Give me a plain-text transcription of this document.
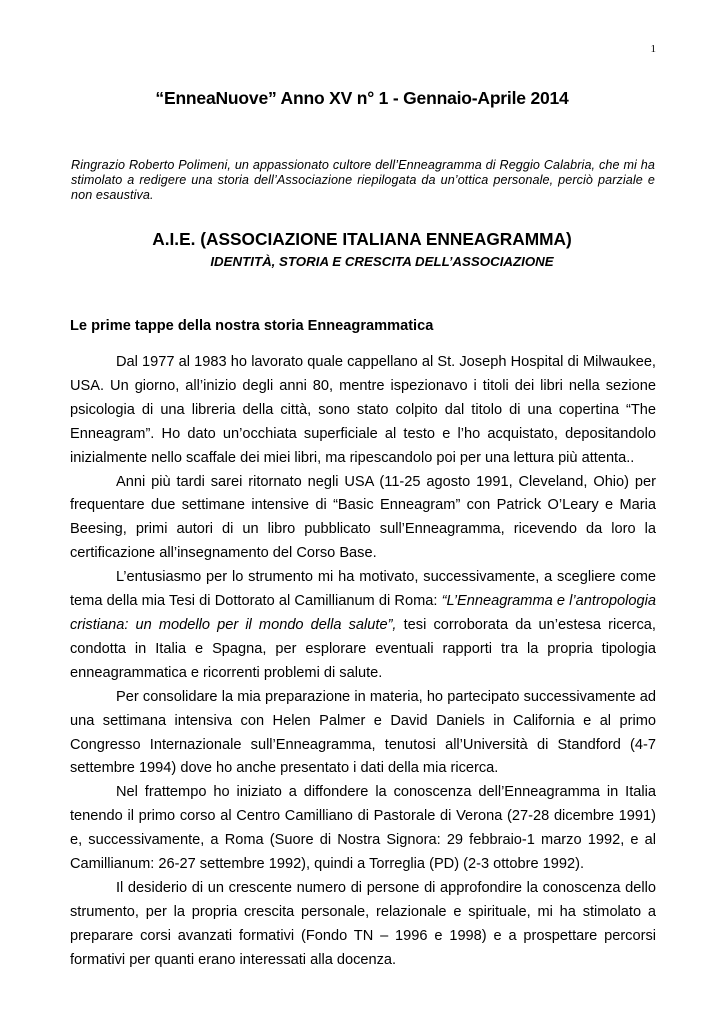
1
“EnneaNuove” Anno XV n° 1 - Gennaio-Aprile 2014
Ringrazio Roberto Polimeni, un appassionato cultore dell’Enneagramma di Reggio Calabria, che mi ha stimolato a redigere una storia dell’Associazione riepilogata da un’ottica personale, perciò parziale e non esaustiva.
A.I.E. (ASSOCIAZIONE ITALIANA ENNEAGRAMMA)
IDENTITÀ, STORIA E CRESCITA DELL’ASSOCIAZIONE
Le prime tappe della nostra storia Enneagrammatica

Dal 1977 al 1983 ho lavorato quale cappellano al St. Joseph Hospital di Milwaukee, USA. Un giorno, all’inizio degli anni 80, mentre ispezionavo i titoli dei libri nella sezione psicologia di una libreria della città, sono stato colpito dal titolo di una copertina “The Enneagram”. Ho dato un’occhiata superficiale al testo e l’ho acquistato, depositandolo inizialmente nello scaffale dei miei libri, ma ripescandolo poi per una lettura più attenta..

Anni più tardi sarei ritornato negli USA (11-25 agosto 1991, Cleveland, Ohio) per frequentare due settimane intensive di “Basic Enneagram” con Patrick O’Leary e Maria Beesing, primi autori di un libro pubblicato sull’Enneagramma, ricevendo da loro la certificazione all’insegnamento del Corso Base.

L’entusiasmo per lo strumento mi ha motivato, successivamente, a scegliere come tema della mia Tesi di Dottorato al Camillianum di Roma: “L’Enneagramma e l’antropologia cristiana: un modello per il mondo della salute”, tesi corroborata da un’estesa ricerca, condotta in Italia e Spagna, per esplorare eventuali rapporti tra la propria tipologia enneagrammatica e ricorrenti problemi di salute.

Per consolidare la mia preparazione in materia, ho partecipato successivamente ad una settimana intensiva con Helen Palmer e David Daniels in California e al primo Congresso Internazionale sull’Enneagramma, tenutosi all’Università di Standford (4-7 settembre 1994) dove ho anche presentato i dati della mia ricerca.

Nel frattempo ho iniziato a diffondere la conoscenza dell’Enneagramma in Italia tenendo il primo corso al Centro Camilliano di Pastorale di Verona (27-28 dicembre 1991) e, successivamente, a Roma (Suore di Nostra Signora: 29 febbraio-1 marzo 1992, e al Camillianum: 26-27 settembre 1992), quindi a Torreglia (PD) (2-3 ottobre 1992).

Il desiderio di un crescente numero di persone di approfondire la conoscenza dello strumento, per la propria crescita personale, relazionale e spirituale, mi ha stimolato a preparare corsi avanzati formativi (Fondo TN – 1996 e 1998) e a prospettare percorsi formativi per quanti erano interessati alla docenza.
